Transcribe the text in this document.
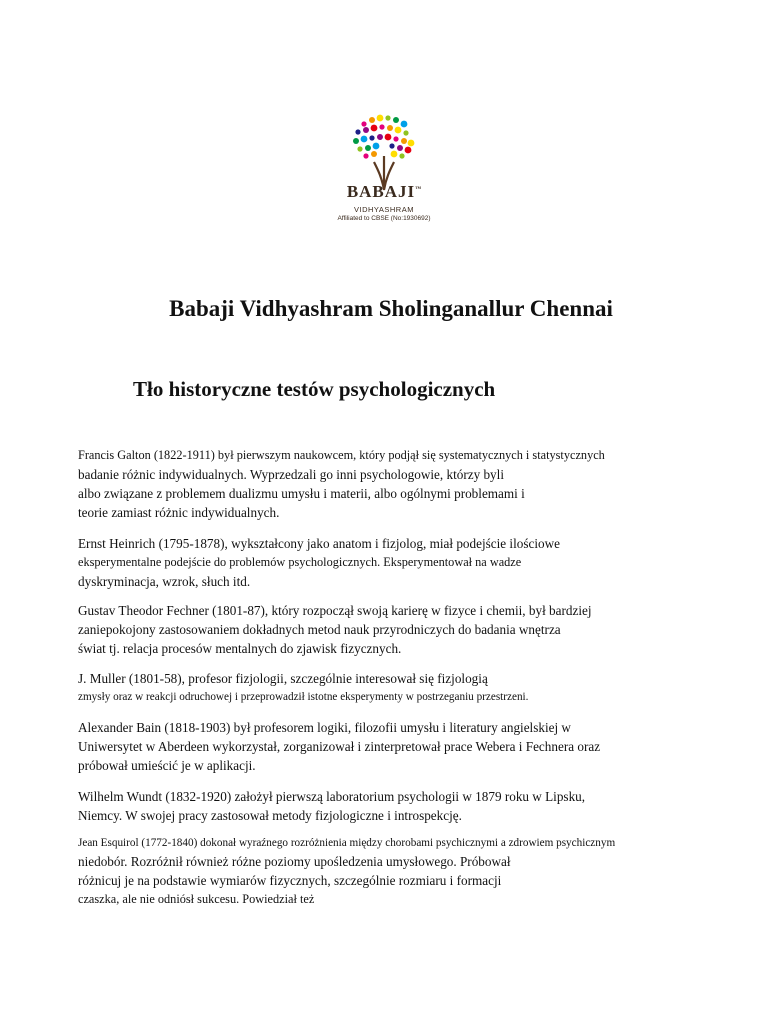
BABAJI™
VIDHYASHRAM
Affiliated to CBSE (No:1930692)
Babaji Vidhyashram Sholinganallur Chennai
Tło historyczne testów psychologicznych

Francis Galton (1822-1911) był pierwszym naukowcem, który podjął się systematycznych i statystycznych
badanie różnic indywidualnych. Wyprzedzali go inni psychologowie, którzy byli
albo związane z problemem dualizmu umysłu i materii, albo ogólnymi problemami i
teorie zamiast różnic indywidualnych.

Ernst Heinrich (1795-1878), wykształcony jako anatom i fizjolog, miał podejście ilościowe
eksperymentalne podejście do problemów psychologicznych. Eksperymentował na wadze
dyskryminacja, wzrok, słuch itd.

Gustav Theodor Fechner (1801-87), który rozpoczął swoją karierę w fizyce i chemii, był bardziej
zaniepokojony zastosowaniem dokładnych metod nauk przyrodniczych do badania wnętrza
świat tj. relacja procesów mentalnych do zjawisk fizycznych.

J. Muller (1801-58), profesor fizjologii, szczególnie interesował się fizjologią
zmysły oraz w reakcji odruchowej i przeprowadził istotne eksperymenty w postrzeganiu przestrzeni.

Alexander Bain (1818-1903) był profesorem logiki, filozofii umysłu i literatury angielskiej w
Uniwersytet w Aberdeen wykorzystał, zorganizował i zinterpretował prace Webera i Fechnera oraz
próbował umieścić je w aplikacji.

Wilhelm Wundt (1832-1920) założył pierwszą laboratorium psychologii w 1879 roku w Lipsku,
Niemcy. W swojej pracy zastosował metody fizjologiczne i introspekcję.

Jean Esquirol (1772-1840) dokonał wyraźnego rozróżnienia między chorobami psychicznymi a zdrowiem psychicznym
niedobór. Rozróżnił również różne poziomy upośledzenia umysłowego. Próbował
różnicuj je na podstawie wymiarów fizycznych, szczególnie rozmiaru i formacji
czaszka, ale nie odniósł sukcesu. Powiedział też
